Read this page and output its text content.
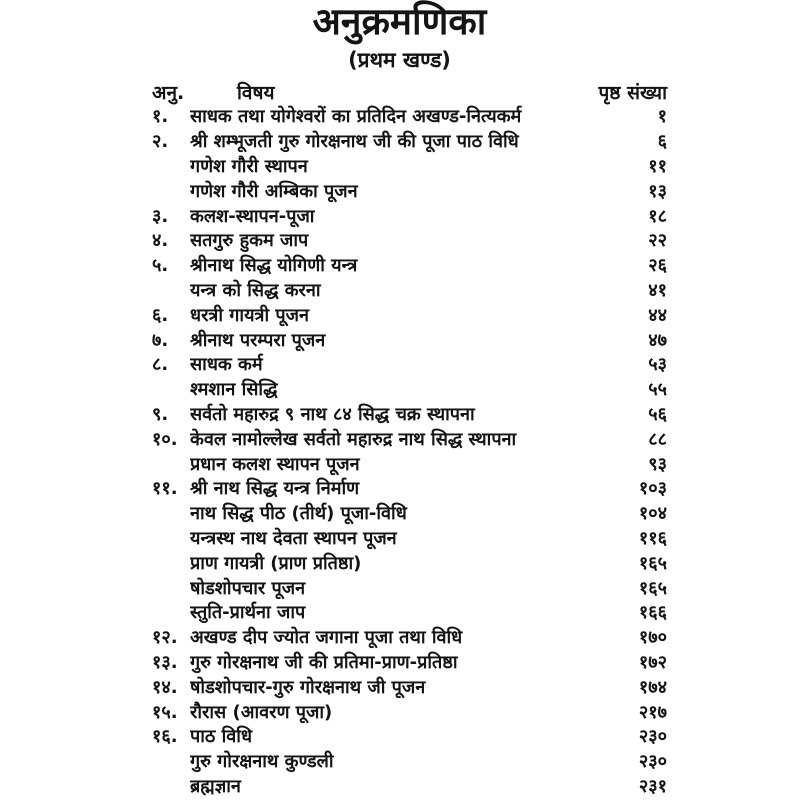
अनुक्रमणिका
(प्रथम खण्ड)
अनु.	विषय	पृष्ठ संख्या
१.	साधक तथा योगेश्वरों का प्रतिदिन अखण्ड-नित्यकर्म	१
२.	श्री शम्भूजती गुरु गोरक्षनाथ जी की पूजा पाठ विधि	६
गणेश गौरी स्थापन	११
गणेश गौरी अम्बिका पूजन	१३
३.	कलश-स्थापन-पूजा	१८
४.	सतगुरु हुकम जाप	२२
५.	श्रीनाथ सिद्ध योगिणी यन्त्र	२६
यन्त्र को सिद्ध करना	४१
६.	धरत्री गायत्री पूजन	४४
७.	श्रीनाथ परम्परा पूजन	४७
८.	साधक कर्म	५३
श्मशान सिद्धि	५५
९.	सर्वतो महारुद्र ९ नाथ ८४ सिद्ध चक्र स्थापना	५६
१०. केवल नामोल्लेख सर्वतो महारुद्र नाथ सिद्ध स्थापना	८८
प्रधान कलश स्थापन पूजन	९३
११. श्री नाथ सिद्ध यन्त्र निर्माण	१०३
नाथ सिद्ध पीठ (तीर्थ) पूजा-विधि	१०४
यन्त्रस्थ नाथ देवता स्थापन पूजन	११६
प्राण गायत्री (प्राण प्रतिष्ठा)	१६५
षोडशोपचार पूजन	१६५
स्तुति-प्रार्थना जाप	१६६
१२. अखण्ड दीप ज्योत जगाना पूजा तथा विधि	१७०
१३. गुरु गोरक्षनाथ जी की प्रतिमा-प्राण-प्रतिष्ठा	१७२
१४. षोडशोपचार-गुरु गोरक्षनाथ जी पूजन	१७४
१५. रौरास (आवरण पूजा)	२१७
१६. पाठ विधि	२३०
गुरु गोरक्षनाथ कुण्डली	२३०
ब्रह्मज्ञान	२३१
